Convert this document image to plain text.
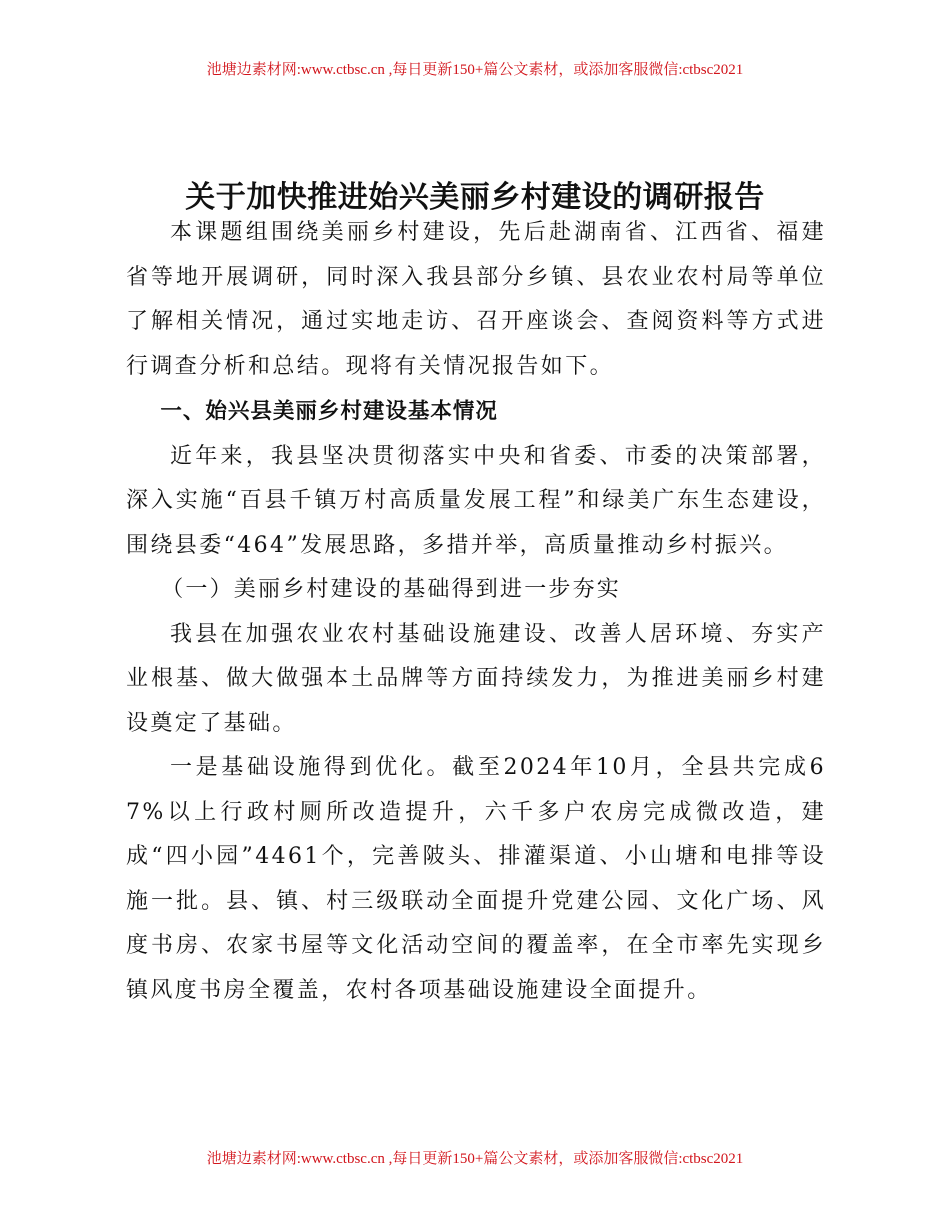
池塘边素材网:www.ctbsc.cn ,每日更新150+篇公文素材，或添加客服微信:ctbsc2021
关于加快推进始兴美丽乡村建设的调研报告

本课题组围绕美丽乡村建设，先后赴湖南省、江西省、福建省等地开展调研，同时深入我县部分乡镇、县农业农村局等单位了解相关情况，通过实地走访、召开座谈会、查阅资料等方式进行调查分析和总结。现将有关情况报告如下。

一、始兴县美丽乡村建设基本情况

近年来，我县坚决贯彻落实中央和省委、市委的决策部署，深入实施“百县千镇万村高质量发展工程”和绿美广东生态建设，围绕县委“464”发展思路，多措并举，高质量推动乡村振兴。

（一）美丽乡村建设的基础得到进一步夯实

我县在加强农业农村基础设施建设、改善人居环境、夯实产业根基、做大做强本土品牌等方面持续发力，为推进美丽乡村建设奠定了基础。

一是基础设施得到优化。截至2024年10月，全县共完成67%以上行政村厕所改造提升，六千多户农房完成微改造，建成“四小园”4461个，完善陂头、排灌渠道、小山塘和电排等设施一批。县、镇、村三级联动全面提升党建公园、文化广场、风度书房、农家书屋等文化活动空间的覆盖率，在全市率先实现乡镇风度书房全覆盖，农村各项基础设施建设全面提升。

池塘边素材网:www.ctbsc.cn ,每日更新150+篇公文素材，或添加客服微信:ctbsc2021
